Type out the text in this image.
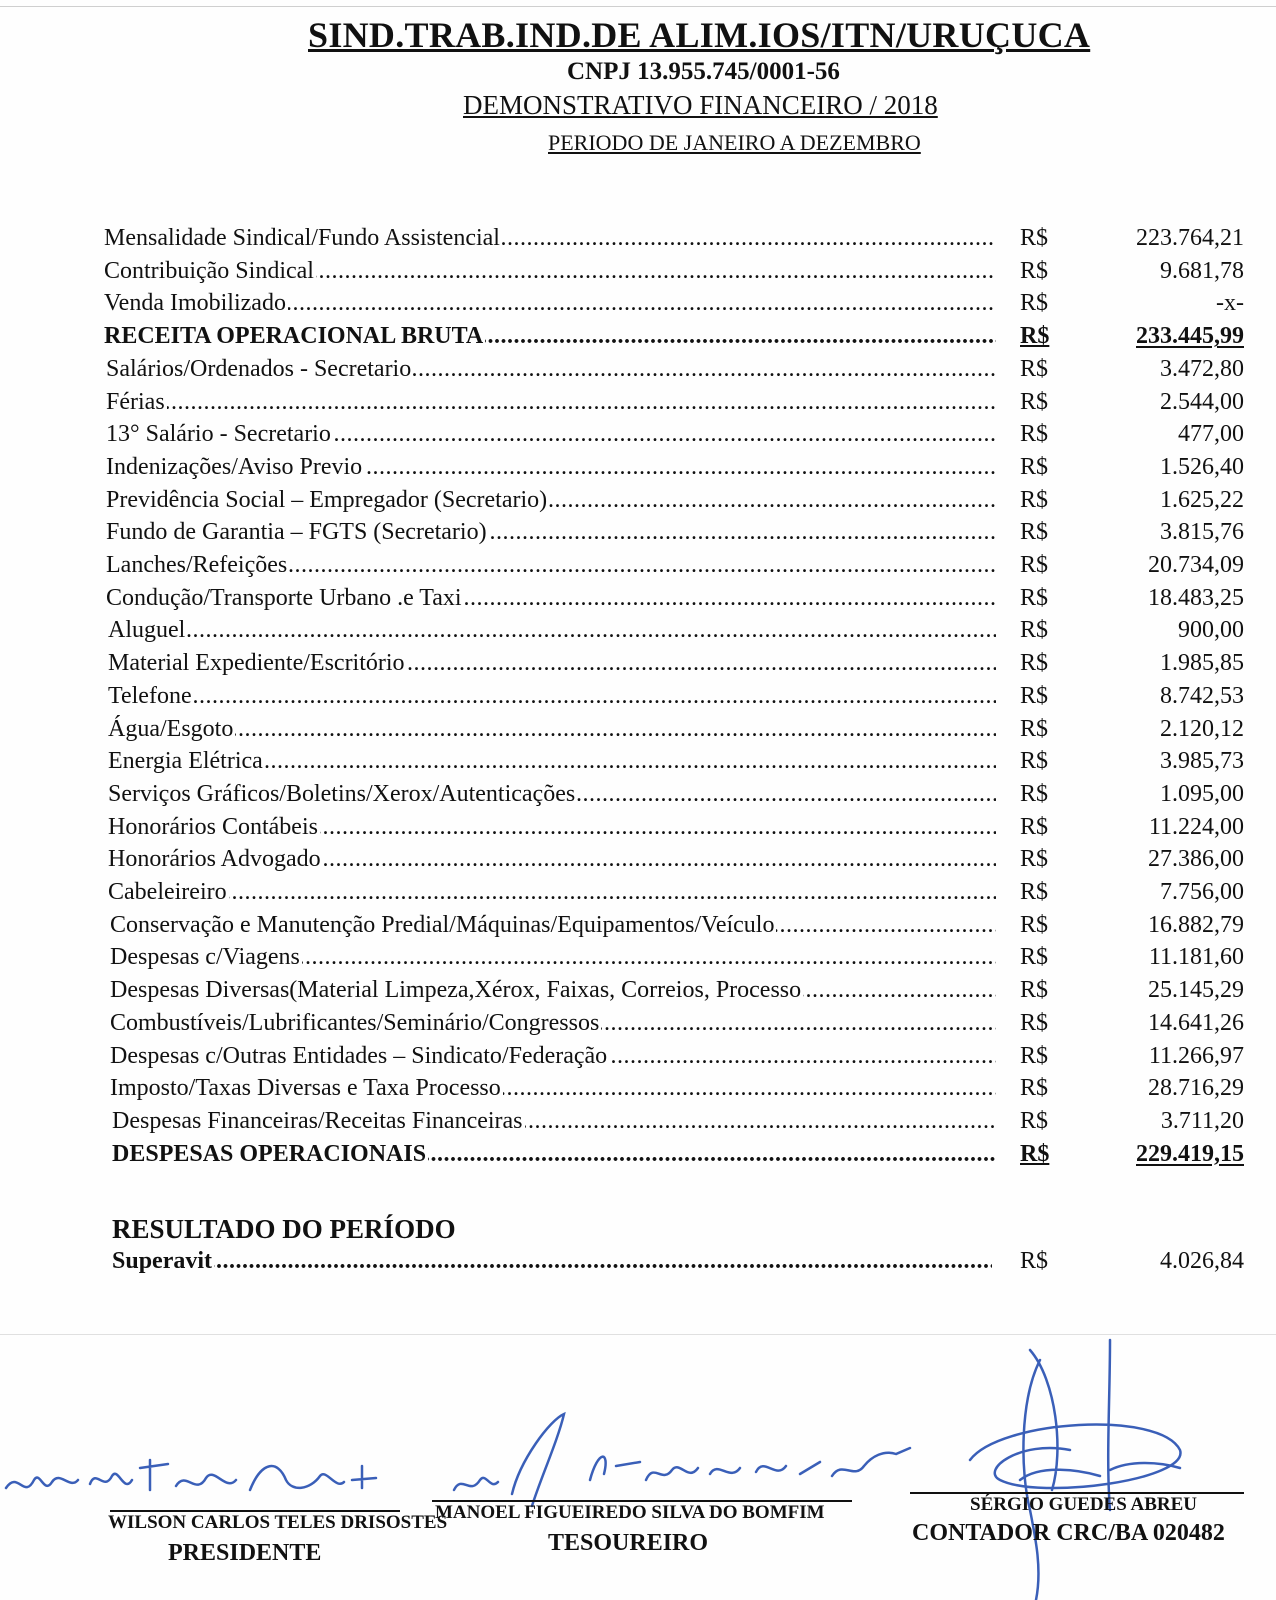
SIND.TRAB.IND.DE ALIM.IOS/ITN/URUÇUCA
CNPJ 13.955.745/0001-56
DEMONSTRATIVO FINANCEIRO / 2018
PERIODO DE JANEIRO A DEZEMBRO
Mensalidade Sindical/Fundo Assistencial .....	R$	223.764,21
Contribuição Sindical .....	R$	9.681,78
Venda Imobilizado .....	R$	-x-
RECEITA OPERACIONAL BRUTA .....	R$	233.445,99
Salários/Ordenados - Secretario .....	R$	3.472,80
Férias .....	R$	2.544,00
13° Salário - Secretario .....	R$	477,00
Indenizações/Aviso Previo .....	R$	1.526,40
Previdência Social – Empregador (Secretario) .....	R$	1.625,22
Fundo de Garantia – FGTS (Secretario) .....	R$	3.815,76
Lanches/Refeições .....	R$	20.734,09
Condução/Transporte Urbano .e Taxi .....	R$	18.483,25
Aluguel .....	R$	900,00
Material Expediente/Escritório .....	R$	1.985,85
Telefone .....	R$	8.742,53
Água/Esgoto .....	R$	2.120,12
Energia Elétrica .....	R$	3.985,73
Serviços Gráficos/Boletins/Xerox/Autenticações .....	R$	1.095,00
Honorários Contábeis .....	R$	11.224,00
Honorários Advogado .....	R$	27.386,00
Cabeleireiro .....	R$	7.756,00
Conservação e Manutenção Predial/Máquinas/Equipamentos/Veículo .....	R$	16.882,79
Despesas c/Viagens .....	R$	11.181,60
Despesas Diversas(Material Limpeza,Xérox, Faixas, Correios, Processo .....	R$	25.145,29
Combustíveis/Lubrificantes/Seminário/Congressos .....	R$	14.641,26
Despesas c/Outras Entidades – Sindicato/Federação .....	R$	11.266,97
Imposto/Taxas Diversas e Taxa Processo .....	R$	28.716,29
Despesas Financeiras/Receitas Financeiras .....	R$	3.711,20
DESPESAS OPERACIONAIS .....	R$	229.419,15
RESULTADO DO PERÍODO
Superavit .....	R$	4.026,84
WILSON CARLOS TELES DRISOSTES
PRESIDENTE
MANOEL FIGUEIREDO SILVA DO BOMFIM
TESOUREIRO
SÉRGIO GUEDES ABREU
CONTADOR CRC/BA 020482
